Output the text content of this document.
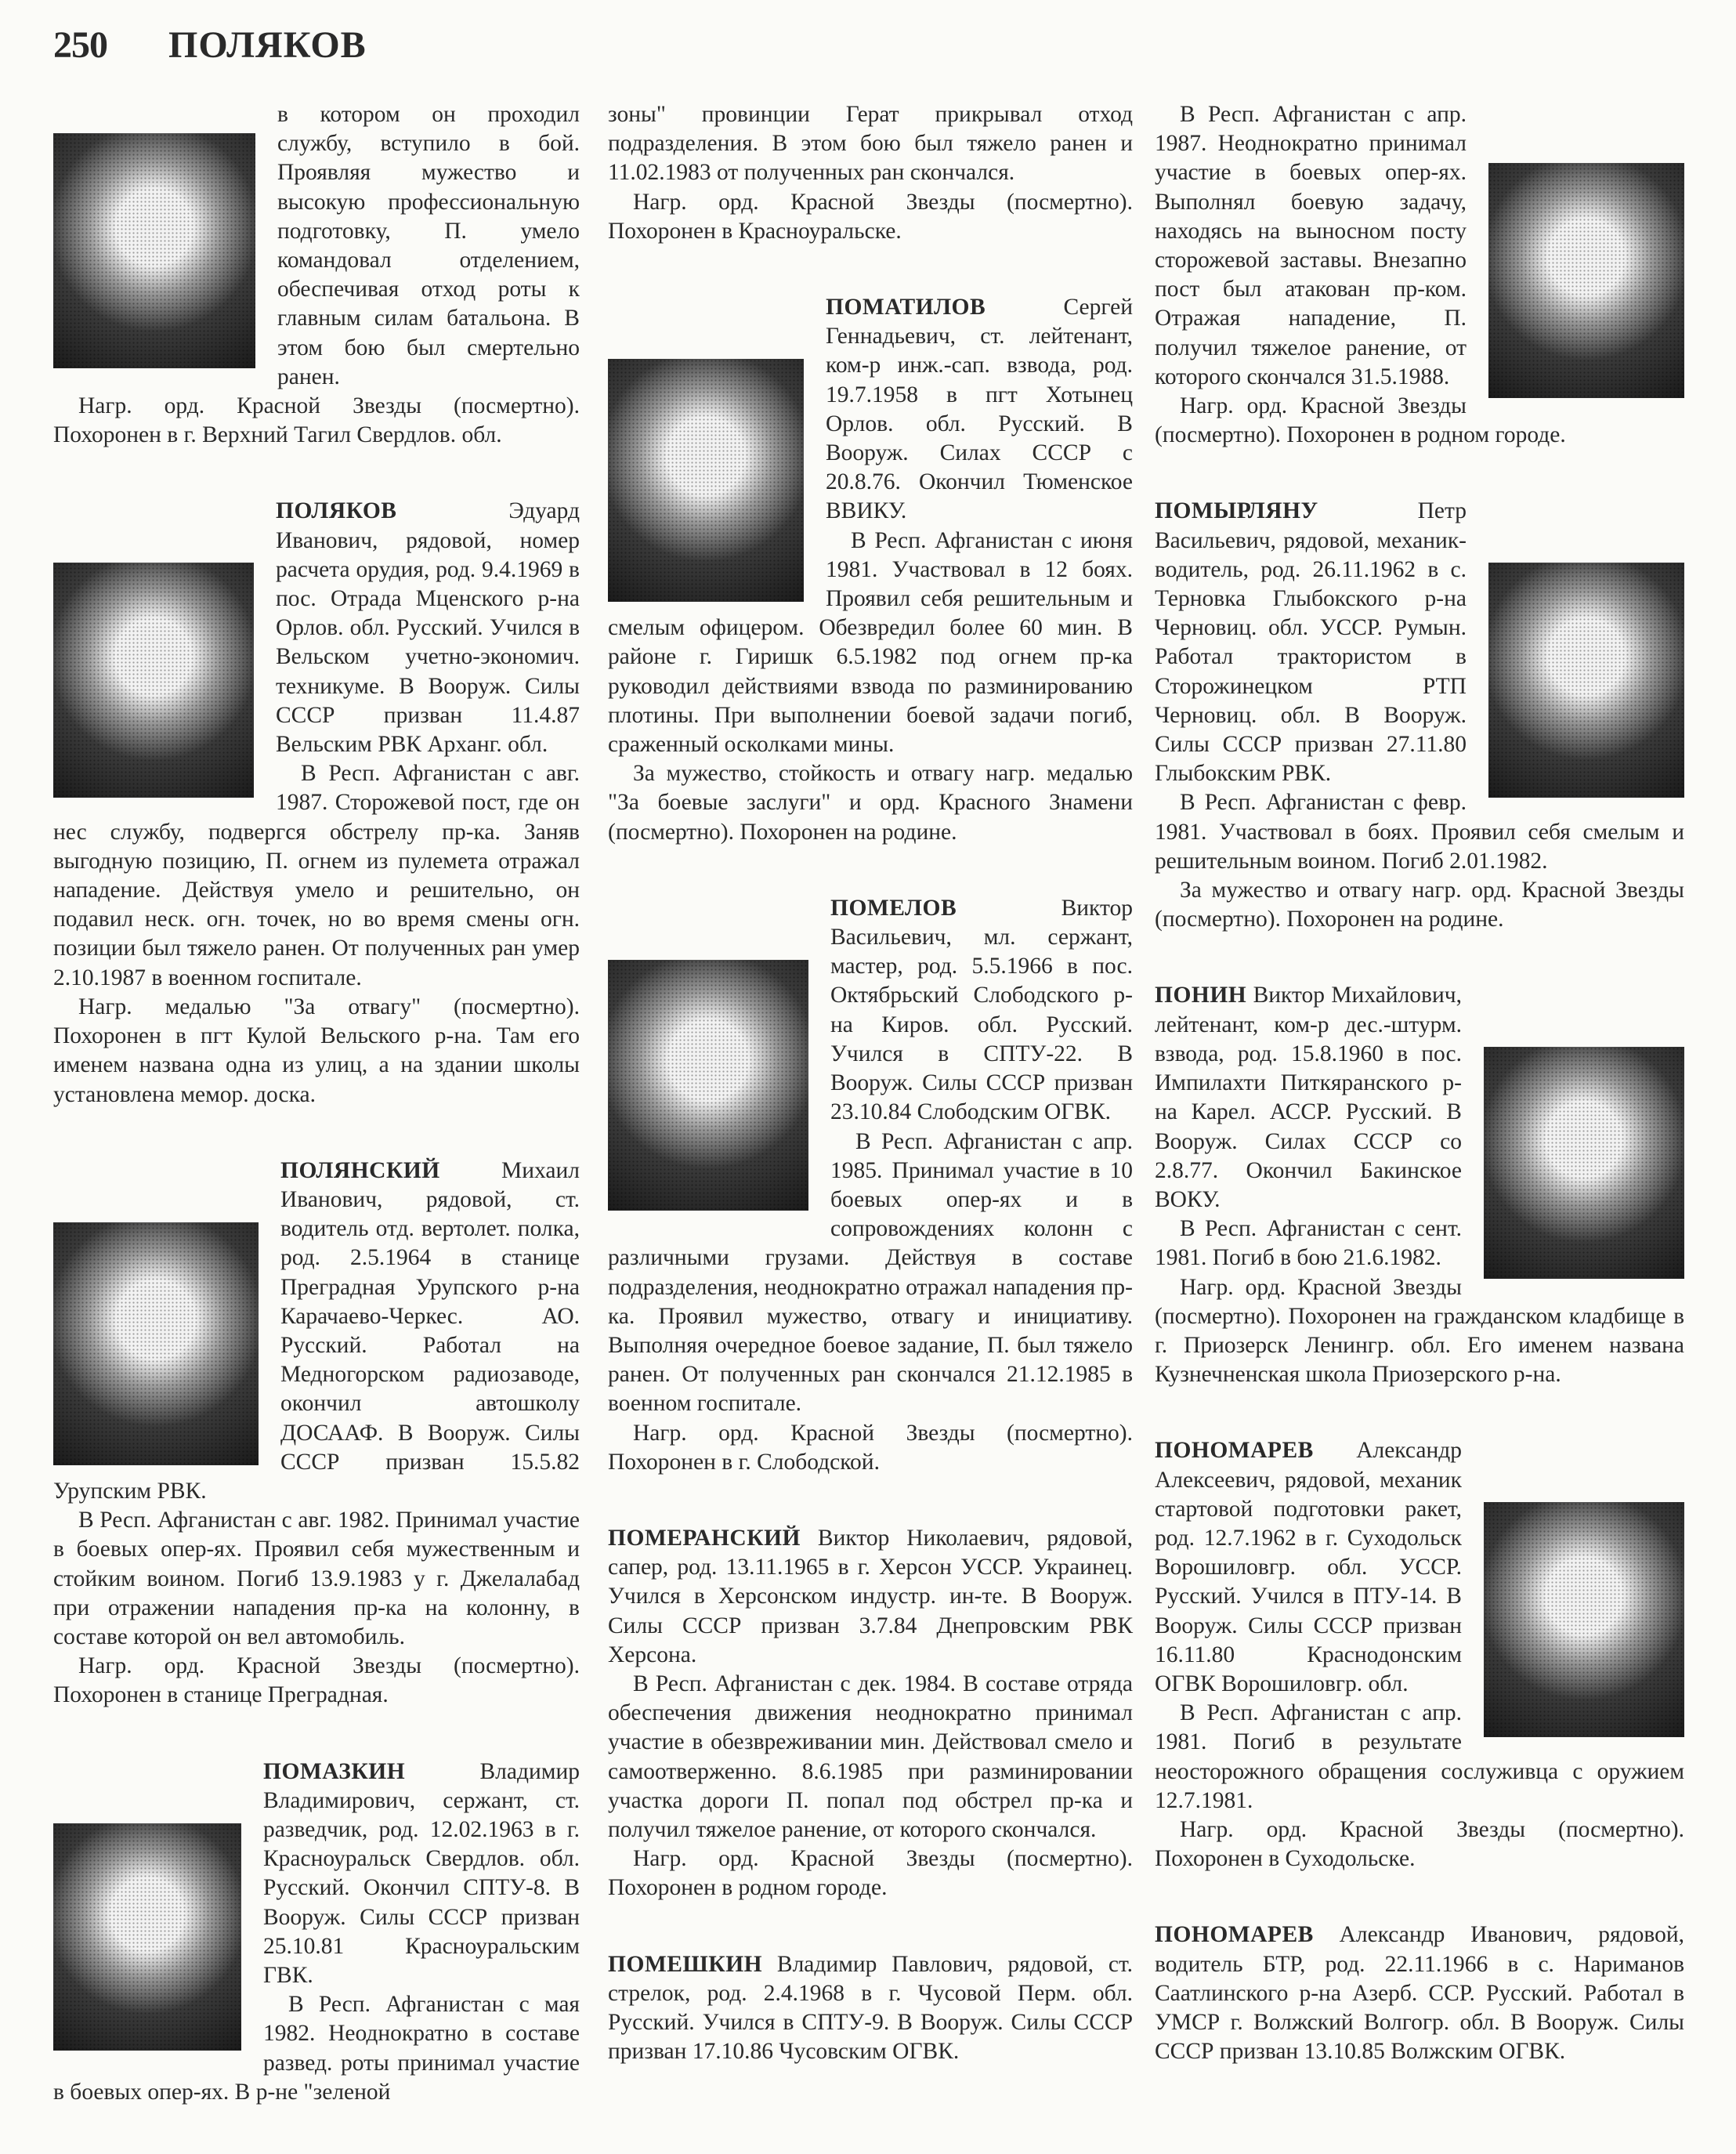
250 ПОЛЯКОВ

в котором он проходил службу, вступило в бой. Проявляя мужество и высокую профессиональную подготовку, П. умело командовал отделением, обеспечивая отход роты к главным силам батальона. В этом бою был смертельно ранен.

Нагр. орд. Красной Звезды (посмертно). Похоронен в г. Верхний Тагил Свердлов. обл.

ПОЛЯКОВ	Эдуард Иванович, рядовой, номер расчета орудия, род. 9.4.1969 в пос. Отрада Мценского р-на Орлов. обл. Русский. Учился в Вельском учетно-экономич. техникуме. В Вооруж. Силы СССР призван 11.4.87 Вельским РВК Арханг. обл.

В Респ. Афганистан с авг. 1987. Сторожевой пост, где он нес службу, подвергся обстрелу пр-ка. Заняв выгодную позицию, П. огнем из пулемета отражал нападение. Действуя умело и решительно, он подавил неск. огн. точек, но во время смены огн. позиции был тяжело ранен. От полученных ран умер 2.10.1987 в военном госпитале.

Нагр. медалью "За отвагу" (посмертно). Похоронен в пгт Кулой Вельского р-на. Там его именем названа одна из улиц, а на здании школы установлена мемор. доска.

ПОЛЯНСКИЙ	Михаил Иванович, рядовой, ст. водитель отд. вертолет. полка, род. 2.5.1964 в станице Преградная Урупского р-на Карачаево-Черкес. АО. Русский. Работал на Медногорском радиозаводе, окончил автошколу ДОСААФ. В Вооруж. Силы СССР призван 15.5.82 Урупским РВК.

В Респ. Афганистан с авг. 1982. Принимал участие в боевых опер-ях. Проявил себя мужественным и стойким воином. Погиб 13.9.1983 у г. Джелалабад при отражении нападения пр-ка на колонну, в составе которой он вел автомобиль.

Нагр. орд. Красной Звезды (посмертно). Похоронен в станице Преградная.

ПОМАЗКИН	Владимир Владимирович, сержант, ст. разведчик, род. 12.02.1963 в г. Красноуральск Свердлов. обл. Русский. Окончил СПТУ-8. В Вооруж. Силы СССР призван 25.10.81 Красноуральским ГВК.

В Респ. Афганистан с мая 1982. Неоднократно в составе развед. роты принимал участие в боевых опер-ях. В р-не "зеленой

зоны" провинции Герат прикрывал отход подразделения. В этом бою был тяжело ранен и 11.02.1983 от полученных ран скончался.

Нагр. орд. Красной Звезды (посмертно). Похоронен в Красноуральске.

ПОМАТИЛОВ	Сергей Геннадьевич, ст. лейтенант, ком-р инж.-сап. взвода, род. 19.7.1958 в пгт Хотынец Орлов. обл. Русский. В Вооруж. Силах СССР с 20.8.76. Окончил Тюменское ВВИКУ.

В Респ. Афганистан с июня 1981. Участвовал в 12 боях. Проявил себя решительным и смелым офицером. Обезвредил более 60 мин. В районе г. Гиришк 6.5.1982 под огнем пр-ка руководил действиями взвода по разминированию плотины. При выполнении боевой задачи погиб, сраженный осколками мины.

За мужество, стойкость и отвагу нагр. медалью "За боевые заслуги" и орд. Красного Знамени (посмертно). Похоронен на родине.

ПОМЕЛОВ	Виктор Васильевич, мл. сержант, мастер, род. 5.5.1966 в пос. Октябрьский Слободского р-на Киров. обл. Русский. Учился в СПТУ-22. В Вооруж. Силы СССР призван 23.10.84 Слободским ОГВК.

В Респ. Афганистан с апр. 1985. Принимал участие в 10 боевых опер-ях и в сопровождениях колонн с различными грузами. Действуя в составе подразделения, неоднократно отражал нападения пр-ка. Проявил мужество, отвагу и инициативу. Выполняя очередное боевое задание, П. был тяжело ранен. От полученных ран скончался 21.12.1985 в военном госпитале.

Нагр. орд. Красной Звезды (посмертно). Похоронен в г. Слободской.

ПОМЕРАНСКИЙ Виктор Николаевич, рядовой, сапер, род. 13.11.1965 в г. Херсон УССР. Украинец. Учился в Херсонском индустр. ин-те. В Вооруж. Силы СССР призван 3.7.84 Днепровским РВК Херсона.

В Респ. Афганистан с дек. 1984. В составе отряда обеспечения движения неоднократно принимал участие в обезвреживании мин. Действовал смело и самоотверженно. 8.6.1985 при разминировании участка дороги П. попал под обстрел пр-ка и получил тяжелое ранение, от которого скончался.

Нагр. орд. Красной Звезды (посмертно). Похоронен в родном городе.

ПОМЕШКИН Владимир Павлович, рядовой, ст. стрелок, род. 2.4.1968 в г. Чусовой Перм. обл. Русский. Учился в СПТУ-9. В Вооруж. Силы СССР призван 17.10.86 Чусовским ОГВК.

В Респ. Афганистан с апр. 1987. Неоднократно принимал участие в боевых опер-ях. Выполнял боевую задачу, находясь на выносном посту сторожевой заставы. Внезапно пост был атакован пр-ком. Отражая нападение, П. получил тяжелое ранение, от которого скончался 31.5.1988.

Нагр. орд. Красной Звезды (посмертно). Похоронен в родном городе.

ПОМЫРЛЯНУ	Петр Васильевич, рядовой, механик-водитель, род. 26.11.1962 в с. Терновка Глыбокского р-на Черновиц. обл. УССР. Румын. Работал трактористом в Сторожинецком РТП Черновиц. обл. В Вооруж. Силы СССР призван 27.11.80 Глыбокским РВК.

В Респ. Афганистан с февр. 1981. Участвовал в боях. Проявил себя смелым и решительным воином. Погиб 2.01.1982.

За мужество и отвагу нагр. орд. Красной Звезды (посмертно). Похоронен на родине.

ПОНИН Виктор Михайлович, лейтенант, ком-р дес.-штурм. взвода, род. 15.8.1960 в пос. Импилахти Питкяранского р-на Карел. АССР. Русский. В Вооруж. Силах СССР со 2.8.77. Окончил Бакинское ВОКУ.

В Респ. Афганистан с сент. 1981. Погиб в бою 21.6.1982.

Нагр. орд. Красной Звезды (посмертно). Похоронен на гражданском кладбище в г. Приозерск Ленингр. обл. Его именем названа Кузнечненская школа Приозерского р-на.

ПОНОМАРЕВ Александр Алексеевич, рядовой, механик стартовой подготовки ракет, род. 12.7.1962 в г. Суходольск Ворошиловгр. обл. УССР. Русский. Учился в ПТУ-14. В Вооруж. Силы СССР призван 16.11.80 Краснодонским ОГВК Ворошиловгр. обл.

В Респ. Афганистан с апр. 1981. Погиб в результате неосторожного обращения сослуживца с оружием 12.7.1981.

Нагр. орд. Красной Звезды (посмертно). Похоронен в Суходольске.

ПОНОМАРЕВ Александр Иванович, рядовой, водитель БТР, род. 22.11.1966 в с. Нариманов Саатлинского р-на Азерб. ССР. Русский. Работал в УМСР г. Волжский Волгогр. обл. В Вооруж. Силы СССР призван 13.10.85 Волжским ОГВК.
